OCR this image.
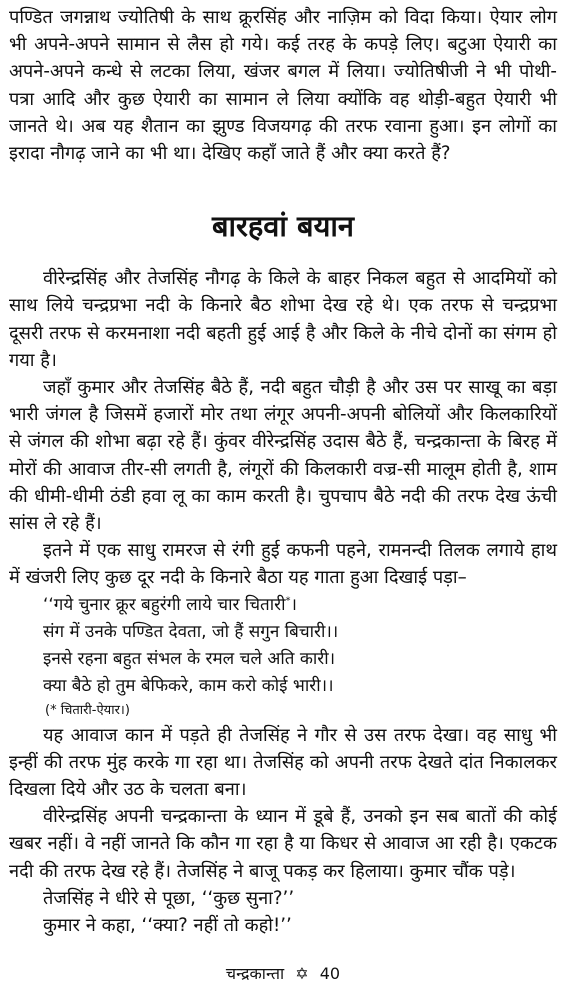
पण्डित जगन्नाथ ज्योतिषी के साथ क्रूरसिंह और नाज़िम को विदा किया। ऐयार लोग भी अपने-अपने सामान से लैस हो गये। कई तरह के कपड़े लिए। बटुआ ऐयारी का अपने-अपने कन्धे से लटका लिया, खंजर बगल में लिया। ज्योतिषीजी ने भी पोथी-पत्रा आदि और कुछ ऐयारी का सामान ले लिया क्योंकि वह थोड़ी-बहुत ऐयारी भी जानते थे। अब यह शैतान का झुण्ड विजयगढ़ की तरफ रवाना हुआ। इन लोगों का इरादा नौगढ़ जाने का भी था। देखिए कहाँ जाते हैं और क्या करते हैं?

बारहवां बयान

वीरेन्द्रसिंह और तेजसिंह नौगढ़ के किले के बाहर निकल बहुत से आदमियों को साथ लिये चन्द्रप्रभा नदी के किनारे बैठ शोभा देख रहे थे। एक तरफ से चन्द्रप्रभा दूसरी तरफ से करमनाशा नदी बहती हुई आई है और किले के नीचे दोनों का संगम हो गया है।

जहाँ कुमार और तेजसिंह बैठे हैं, नदी बहुत चौड़ी है और उस पर साखू का बड़ा भारी जंगल है जिसमें हजारों मोर तथा लंगूर अपनी-अपनी बोलियों और किलकारियों से जंगल की शोभा बढ़ा रहे हैं। कुंवर वीरेन्द्रसिंह उदास बैठे हैं, चन्द्रकान्ता के बिरह में मोरों की आवाज तीर-सी लगती है, लंगूरों की किलकारी वज्र-सी मालूम होती है, शाम की धीमी-धीमी ठंडी हवा लू का काम करती है। चुपचाप बैठे नदी की तरफ देख ऊंची सांस ले रहे हैं।

इतने में एक साधु रामरज से रंगी हुई कफनी पहने, रामनन्दी तिलक लगाये हाथ में खंजरी लिए कुछ दूर नदी के किनारे बैठा यह गाता हुआ दिखाई पड़ा–

‘‘गये चुनार क्रूर बहुरंगी लाये चार चितारी*।
संग में उनके पण्डित देवता, जो हैं सगुन बिचारी।।
इनसे रहना बहुत संभल के रमल चले अति कारी।
क्या बैठे हो तुम बेफिकरे, काम करो कोई भारी।।
(* चितारी-ऐयार।)

यह आवाज कान में पड़ते ही तेजसिंह ने गौर से उस तरफ देखा। वह साधु भी इन्हीं की तरफ मुंह करके गा रहा था। तेजसिंह को अपनी तरफ देखते दांत निकालकर दिखला दिये और उठ के चलता बना।

वीरेन्द्रसिंह अपनी चन्द्रकान्ता के ध्यान में डूबे हैं, उनको इन सब बातों की कोई खबर नहीं। वे नहीं जानते कि कौन गा रहा है या किधर से आवाज आ रही है। एकटक नदी की तरफ देख रहे हैं। तेजसिंह ने बाजू पकड़ कर हिलाया। कुमार चौंक पड़े।

तेजसिंह ने धीरे से पूछा, ‘‘कुछ सुना?’’

कुमार ने कहा, ‘‘क्या? नहीं तो कहो!’’

चन्द्रकान्ता ✡ 40
